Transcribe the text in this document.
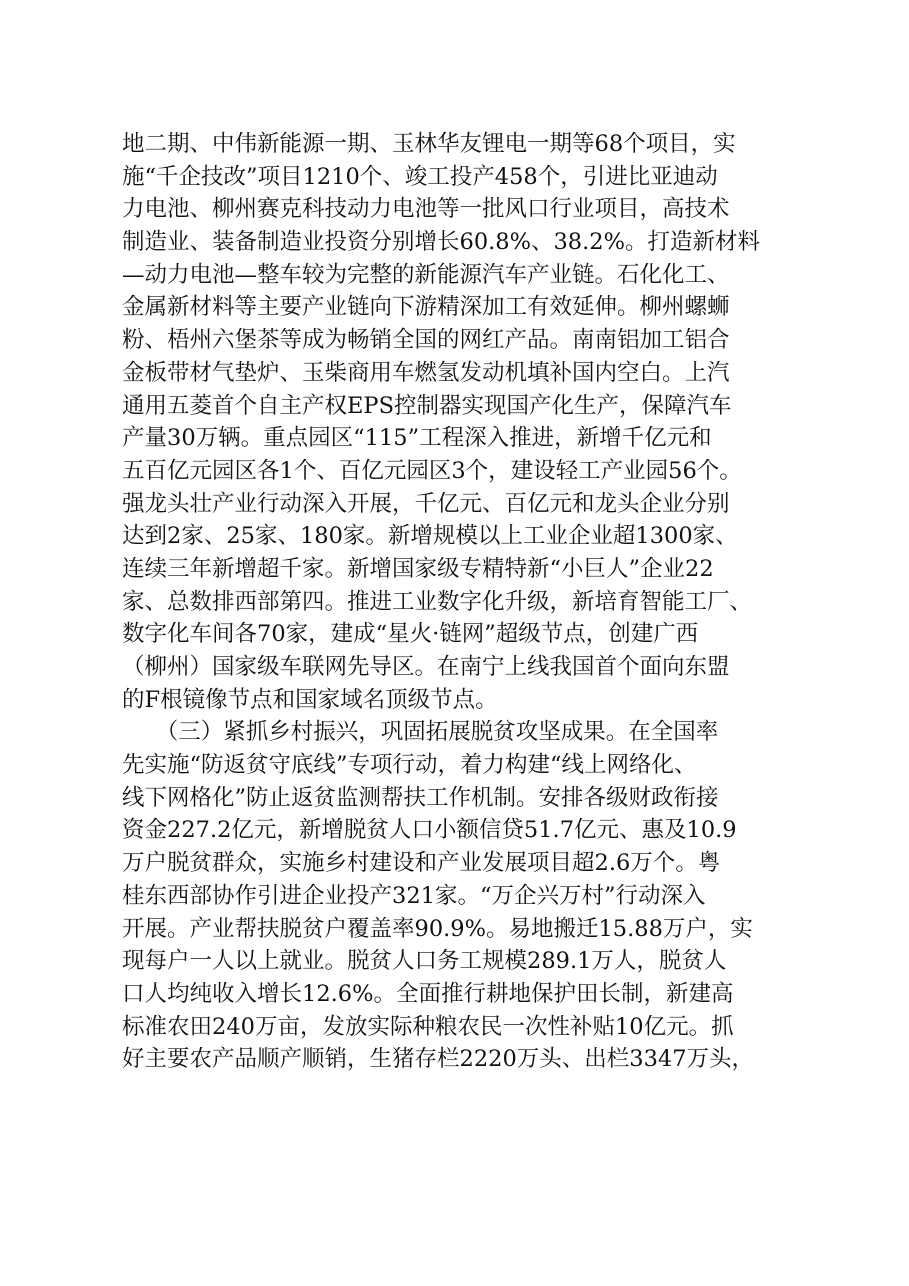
地二期、中伟新能源一期、玉林华友锂电一期等68个项目，实
施“千企技改”项目1210个、竣工投产458个，引进比亚迪动
力电池、柳州赛克科技动力电池等一批风口行业项目，高技术
制造业、装备制造业投资分别增长60.8%、38.2%。打造新材料
—动力电池—整车较为完整的新能源汽车产业链。石化化工、
金属新材料等主要产业链向下游精深加工有效延伸。柳州螺蛳
粉、梧州六堡茶等成为畅销全国的网红产品。南南铝加工铝合
金板带材气垫炉、玉柴商用车燃氢发动机填补国内空白。上汽
通用五菱首个自主产权EPS控制器实现国产化生产，保障汽车
产量30万辆。重点园区“115”工程深入推进，新增千亿元和
五百亿元园区各1个、百亿元园区3个，建设轻工产业园56个。
强龙头壮产业行动深入开展，千亿元、百亿元和龙头企业分别
达到2家、25家、180家。新增规模以上工业企业超1300家、
连续三年新增超千家。新增国家级专精特新“小巨人”企业22
家、总数排西部第四。推进工业数字化升级，新培育智能工厂、
数字化车间各70家，建成“星火·链网”超级节点，创建广西
（柳州）国家级车联网先导区。在南宁上线我国首个面向东盟
的F根镜像节点和国家域名顶级节点。
　　（三）紧抓乡村振兴，巩固拓展脱贫攻坚成果。在全国率
先实施“防返贫守底线”专项行动，着力构建“线上网络化、
线下网格化”防止返贫监测帮扶工作机制。安排各级财政衔接
资金227.2亿元，新增脱贫人口小额信贷51.7亿元、惠及10.9
万户脱贫群众，实施乡村建设和产业发展项目超2.6万个。粤
桂东西部协作引进企业投产321家。“万企兴万村”行动深入
开展。产业帮扶脱贫户覆盖率90.9%。易地搬迁15.88万户，实
现每户一人以上就业。脱贫人口务工规模289.1万人，脱贫人
口人均纯收入增长12.6%。全面推行耕地保护田长制，新建高
标准农田240万亩，发放实际种粮农民一次性补贴10亿元。抓
好主要农产品顺产顺销，生猪存栏2220万头、出栏3347万头，
